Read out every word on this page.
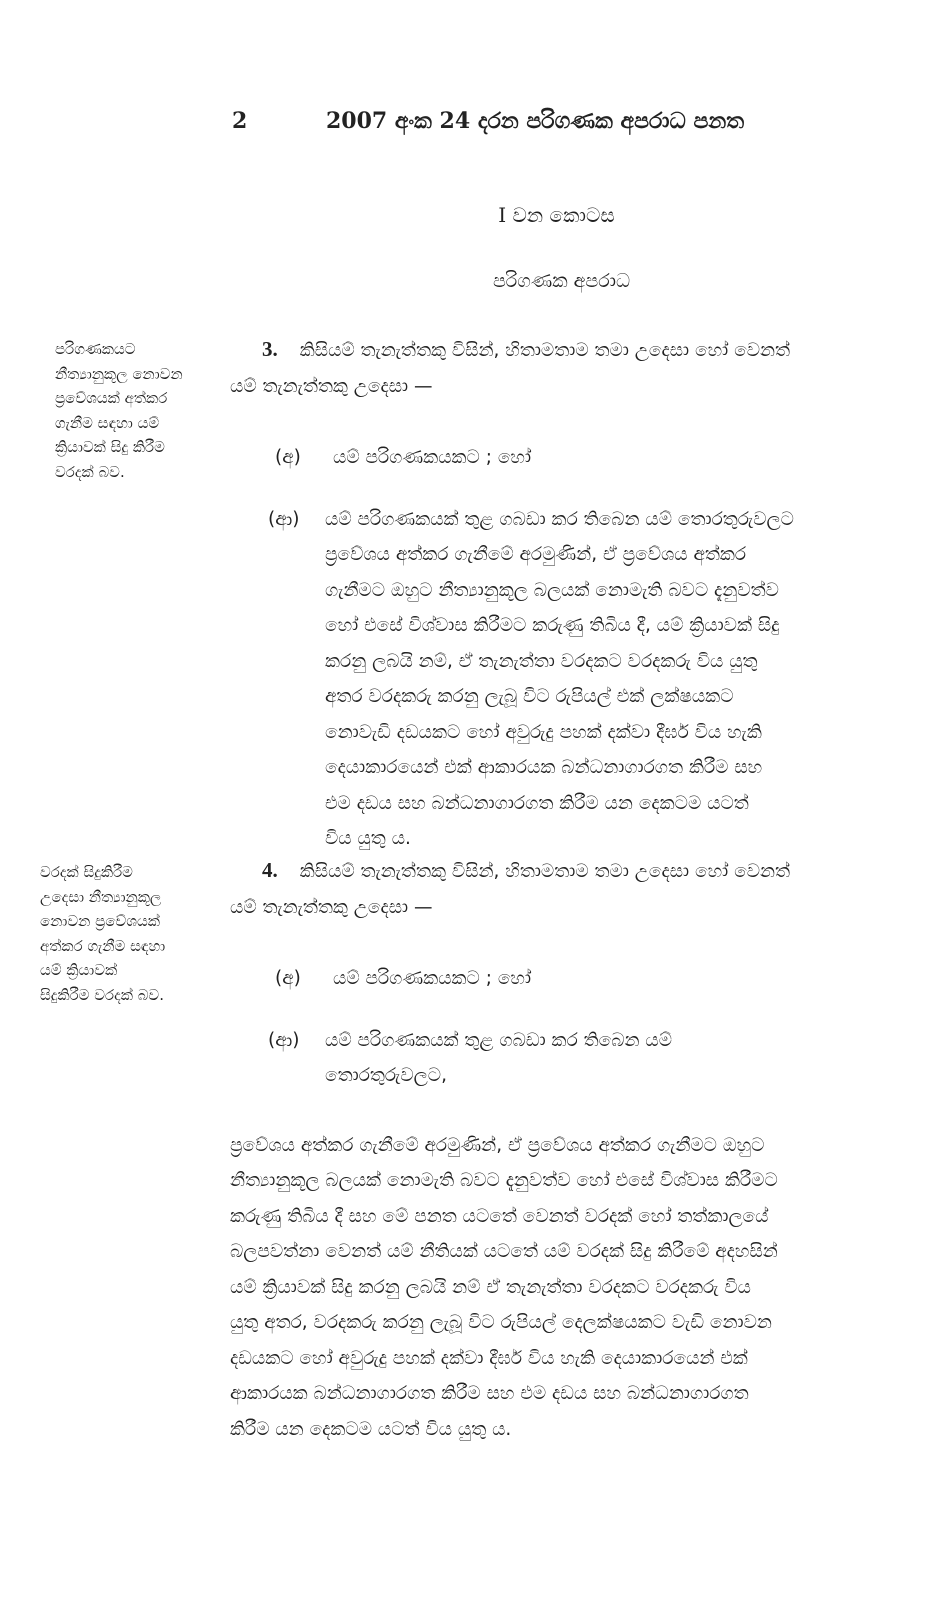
2	2007 අංක 24 දරන පරිගණක අපරාධ පනත
I වන කොටස
පරිගණක අපරාධ
පරිගණකයට
නීත්‍යානුකූල නොවන
ප්‍රවේශයක් අත්කර
ගැනීම සඳහා යම්
ක්‍රියාවක් සිදු කිරීම
වරදක් බව.
3. කිසියම් තැනැත්තකු විසින්, හිතාමතාම තමා උදෙසා හෝ වෙනත්
යම් තැනැත්තකු උදෙසා —
(අ) යම් පරිගණකයකට ; හෝ
(ආ) යම් පරිගණකයක් තුළ ගබඩා කර තිබෙන යම් තොරතුරුවලට
ප්‍රවේශය අත්කර ගැනීමේ අරමුණින්, ඒ ප්‍රවේශය අත්කර
ගැනීමට ඔහුට නීත්‍යානුකූල බලයක් නොමැති බවට දැනුවත්ව
හෝ එසේ විශ්වාස කිරීමට කරුණු තිබිය දී, යම් ක්‍රියාවක් සිදු
කරනු ලබයි නම්, ඒ තැනැත්තා වරදකට වරදකරු විය යුතු
අතර වරදකරු කරනු ලැබූ විට රුපියල් එක් ලක්ෂයකට
නොවැඩි දඩයකට හෝ අවුරුදු පහක් දක්වා දීර්ඝ විය හැකි
දෙයාකාරයෙන් එක් ආකාරයක බන්ධනාගාරගත කිරීම සහ
එම දඩය සහ බන්ධනාගාරගත කිරීම යන දෙකටම යටත්
විය යුතු ය.
වරදක් සිදුකිරීම
උදෙසා නීත්‍යානුකූල
නොවන ප්‍රවේශයක්
අත්කර ගැනීම සඳහා
යම් ක්‍රියාවක්
සිදුකිරීම වරදක් බව.
4. කිසියම් තැනැත්තකු විසින්, හිතාමතාම තමා උදෙසා හෝ වෙනත්
යම් තැනැත්තකු උදෙසා —
(අ) යම් පරිගණකයකට ; හෝ
(ආ) යම් පරිගණකයක් තුළ ගබඩා කර තිබෙන යම්
තොරතුරුවලට,
ප්‍රවේශය අත්කර ගැනීමේ අරමුණින්, ඒ ප්‍රවේශය අත්කර ගැනීමට ඔහුට
නීත්‍යානුකූල බලයක් නොමැති බවට දැනුවත්ව හෝ එසේ විශ්වාස කිරීමට
කරුණු තිබිය දී සහ මේ පනත යටතේ වෙනත් වරදක් හෝ තත්කාලයේ
බලපවත්නා වෙනත් යම් නීතියක් යටතේ යම් වරදක් සිදු කිරීමේ අදහසින්
යම් ක්‍රියාවක් සිදු කරනු ලබයි නම් ඒ තැනැත්තා වරදකට වරදකරු විය
යුතු අතර, වරදකරු කරනු ලැබූ විට රුපියල් දෙලක්ෂයකට වැඩි නොවන
දඩයකට හෝ අවුරුදු පහක් දක්වා දීර්ඝ විය හැකි දෙයාකාරයෙන් එක්
ආකාරයක බන්ධනාගාරගත කිරීම සහ එම දඩය සහ බන්ධනාගාරගත
කිරීම යන දෙකටම යටත් විය යුතු ය.
